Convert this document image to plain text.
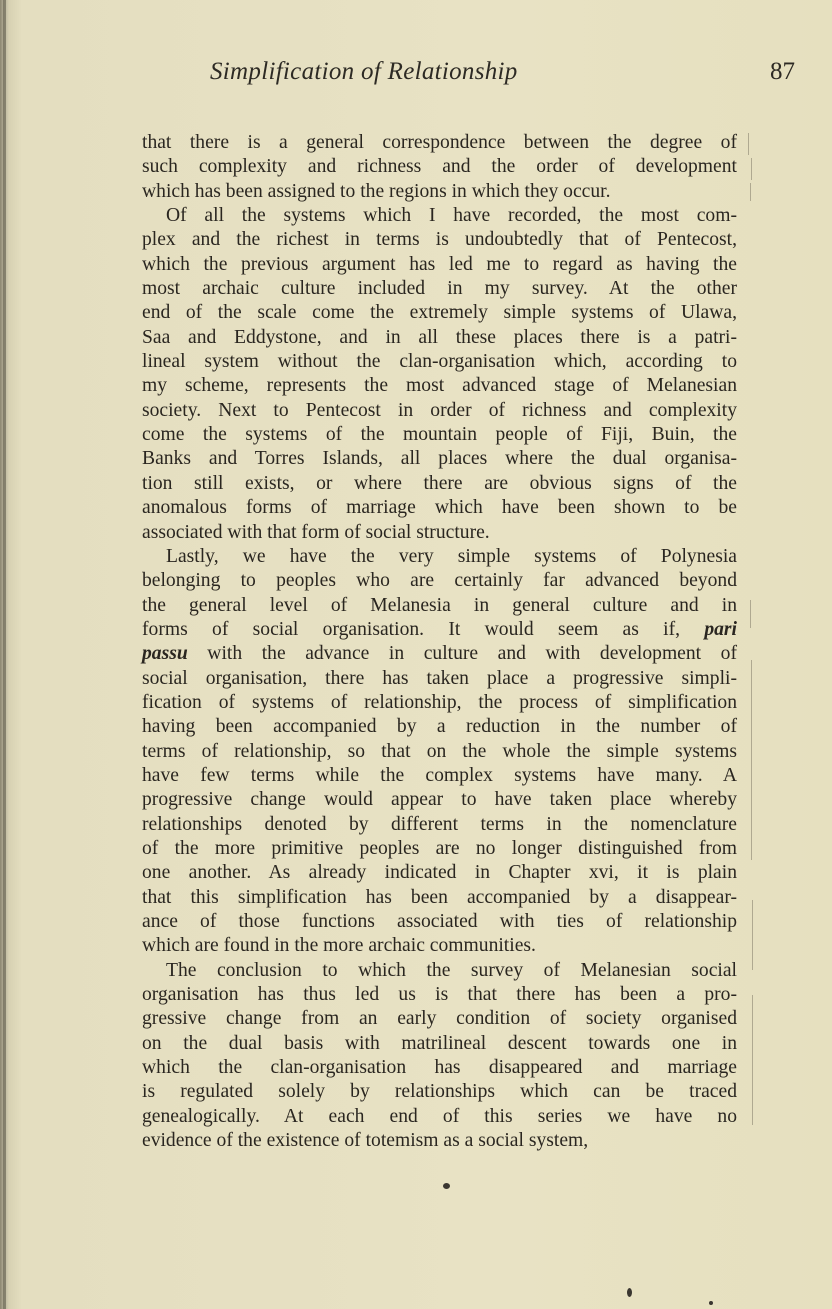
Simplification of Relationship	87
that there is a general correspondence between the degree of
such complexity and richness and the order of development
which has been assigned to the regions in which they occur.
Of all the systems which I have recorded, the most com-
plex and the richest in terms is undoubtedly that of Pentecost,
which the previous argument has led me to regard as having the
most archaic culture included in my survey. At the other
end of the scale come the extremely simple systems of Ulawa,
Saa and Eddystone, and in all these places there is a patri-
lineal system without the clan-organisation which, according to
my scheme, represents the most advanced stage of Melanesian
society. Next to Pentecost in order of richness and complexity
come the systems of the mountain people of Fiji, Buin, the
Banks and Torres Islands, all places where the dual organisa-
tion still exists, or where there are obvious signs of the
anomalous forms of marriage which have been shown to be
associated with that form of social structure.
Lastly, we have the very simple systems of Polynesia
belonging to peoples who are certainly far advanced beyond
the general level of Melanesia in general culture and in
forms of social organisation. It would seem as if, pari
passu with the advance in culture and with development of
social organisation, there has taken place a progressive simpli-
fication of systems of relationship, the process of simplification
having been accompanied by a reduction in the number of
terms of relationship, so that on the whole the simple systems
have few terms while the complex systems have many. A
progressive change would appear to have taken place whereby
relationships denoted by different terms in the nomenclature
of the more primitive peoples are no longer distinguished from
one another. As already indicated in Chapter xvi, it is plain
that this simplification has been accompanied by a disappear-
ance of those functions associated with ties of relationship
which are found in the more archaic communities.
The conclusion to which the survey of Melanesian social
organisation has thus led us is that there has been a pro-
gressive change from an early condition of society organised
on the dual basis with matrilineal descent towards one in
which the clan-organisation has disappeared and marriage
is regulated solely by relationships which can be traced
genealogically. At each end of this series we have no
evidence of the existence of totemism as a social system,
